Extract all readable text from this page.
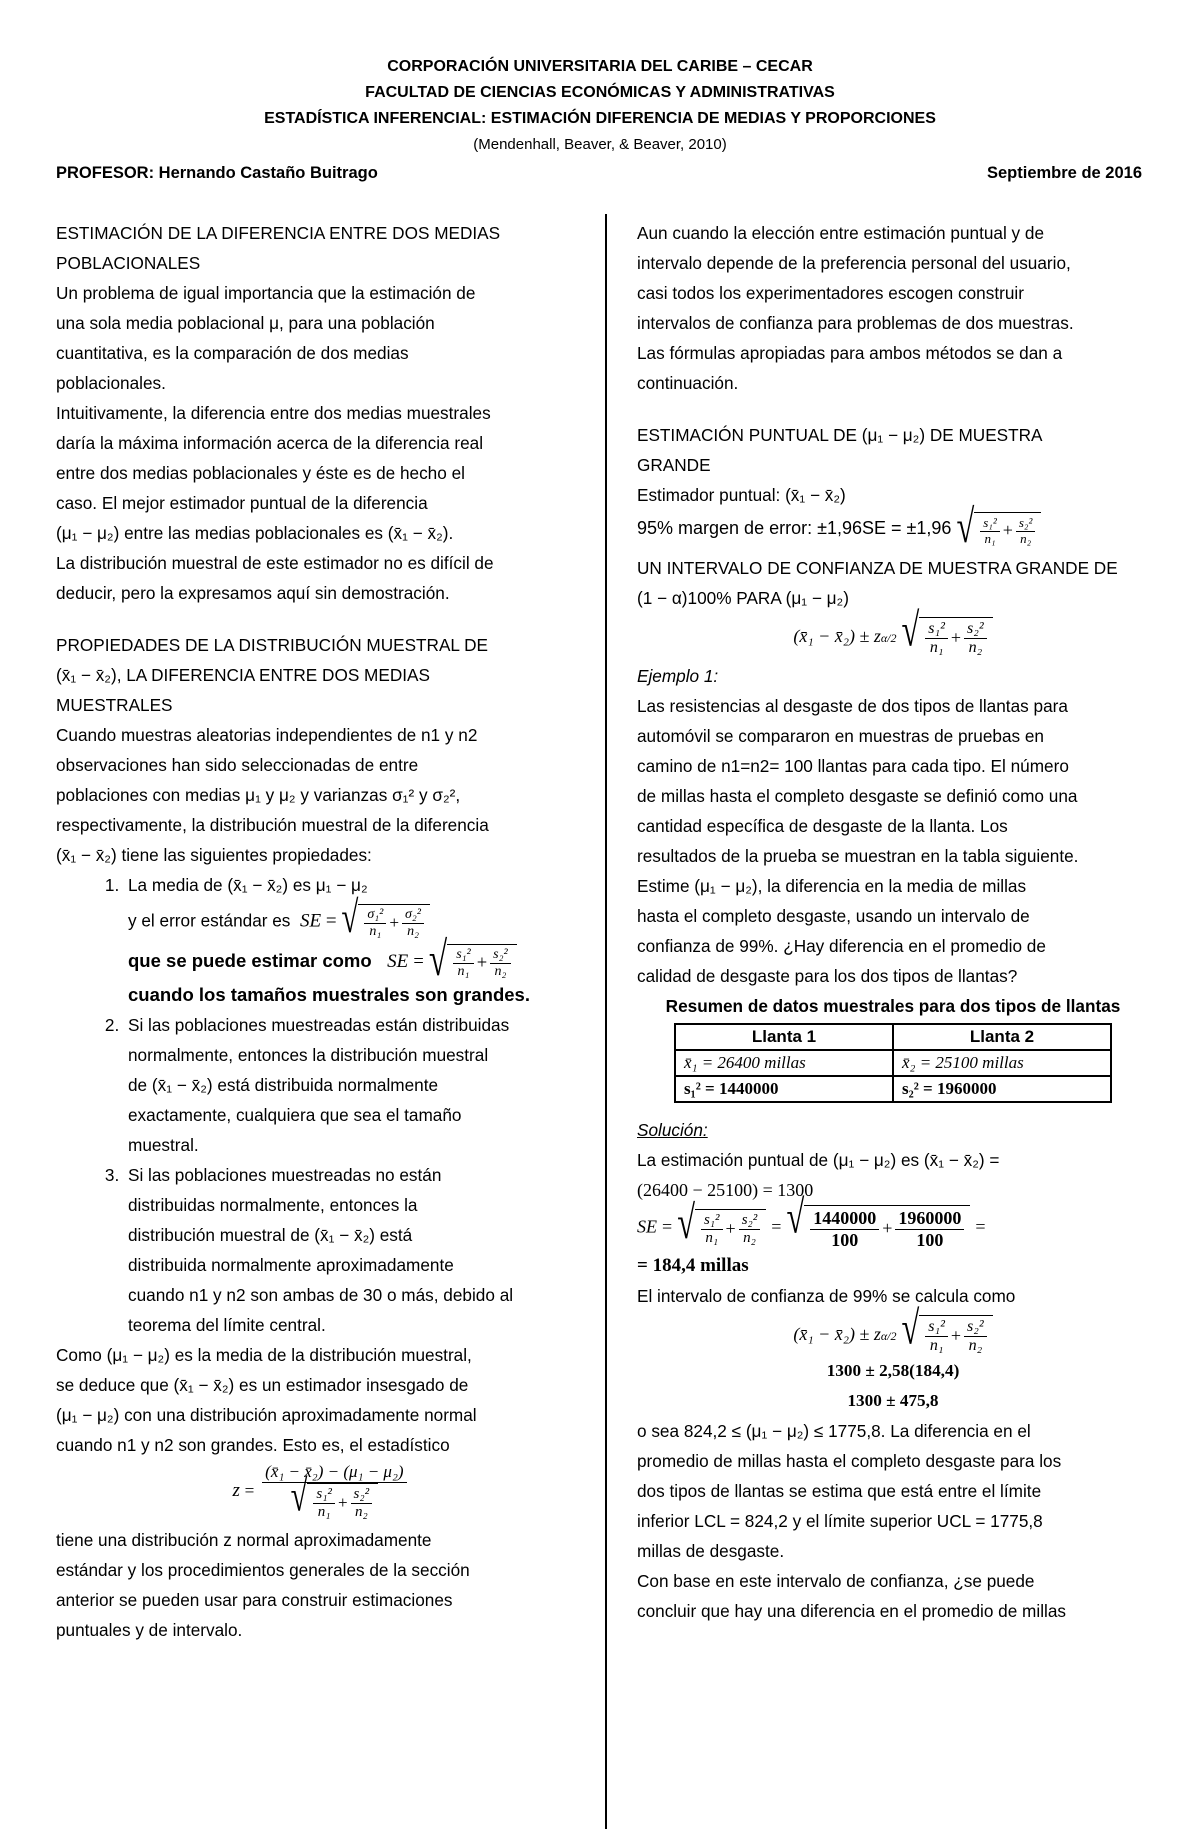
CORPORACIÓN UNIVERSITARIA DEL CARIBE – CECAR
FACULTAD DE CIENCIAS ECONÓMICAS Y ADMINISTRATIVAS
ESTADÍSTICA INFERENCIAL: ESTIMACIÓN DIFERENCIA DE MEDIAS Y PROPORCIONES
(Mendenhall, Beaver, & Beaver, 2010)
PROFESOR: Hernando Castaño Buitrago	Septiembre de 2016

ESTIMACIÓN DE LA DIFERENCIA ENTRE DOS MEDIAS

POBLACIONALES

Un problema de igual importancia que la estimación de

una sola media poblacional μ, para una población

cuantitativa, es la comparación de dos medias

poblacionales.

Intuitivamente, la diferencia entre dos medias muestrales

daría la máxima información acerca de la diferencia real

entre dos medias poblacionales y éste es de hecho el

caso. El mejor estimador puntual de la diferencia

(μ₁ − μ₂) entre las medias poblacionales es (x̄₁ − x̄₂).

La distribución muestral de este estimador no es difícil de

deducir, pero la expresamos aquí sin demostración.

PROPIEDADES DE LA DISTRIBUCIÓN MUESTRAL DE

(x̄₁ − x̄₂), LA DIFERENCIA ENTRE DOS MEDIAS

MUESTRALES

Cuando muestras aleatorias independientes de n1 y n2

observaciones han sido seleccionadas de entre

poblaciones con medias μ₁ y μ₂ y varianzas σ₁² y σ₂²,

respectivamente, la distribución muestral de la diferencia

(x̄₁ − x̄₂) tiene las siguientes propiedades:

1. La media de (x̄₁ − x̄₂) es μ₁ − μ₂
y el error estándar es SE = √ $\frac{\text{σ₁²}}{\text{n₁}} + \frac{\text{σ₂²}}{\text{n₂}}$
que se puede estimar como SE = √ $\frac{\text{s₁²}}{\text{n₁}} + \frac{\text{s₂²}}{\text{n₂}}$
cuando los tamaños muestrales son grandes.
2. Si las poblaciones muestreadas están distribuidas
normalmente, entonces la distribución muestral
de (x̄₁ − x̄₂) está distribuida normalmente
exactamente, cualquiera que sea el tamaño
muestral.
3. Si las poblaciones muestreadas no están
distribuidas normalmente, entonces la
distribución muestral de (x̄₁ − x̄₂) está
distribuida normalmente aproximadamente
cuando n1 y n2 son ambas de 30 o más, debido al
teorema del límite central.

Como (μ₁ − μ₂) es la media de la distribución muestral,

se deduce que (x̄₁ − x̄₂) es un estimador insesgado de

(μ₁ − μ₂) con una distribución aproximadamente normal

cuando n1 y n2 son grandes. Esto es, el estadístico

$z = \frac{\text{(x̄₁ − x̄₂) − (μ₁ − μ₂)}}{√ \frac{\text{s₁²}}{\text{n₁}} + \frac{\text{s₂²}}{\text{n₂}}}$

tiene una distribución z normal aproximadamente

estándar y los procedimientos generales de la sección

anterior se pueden usar para construir estimaciones

puntuales y de intervalo.

Aun cuando la elección entre estimación puntual y de

intervalo depende de la preferencia personal del usuario,

casi todos los experimentadores escogen construir

intervalos de confianza para problemas de dos muestras.

Las fórmulas apropiadas para ambos métodos se dan a

continuación.

ESTIMACIÓN PUNTUAL DE (μ₁ − μ₂) DE MUESTRA

GRANDE

Estimador puntual: (x̄₁ − x̄₂)

95% margen de error: ±1,96SE = ±1,96 √ $\frac{\text{s₁²}}{\text{n₁}} + \frac{\text{s₂²}}{\text{n₂}}$

UN INTERVALO DE CONFIANZA DE MUESTRA GRANDE DE

(1 − α)100% PARA (μ₁ − μ₂)

(x̄₁ − x̄₂) ± zα/2 √ $\frac{\text{s₁²}}{\text{n₁}} + \frac{\text{s₂²}}{\text{n₂}}$

Ejemplo 1:

Las resistencias al desgaste de dos tipos de llantas para

automóvil se compararon en muestras de pruebas en

camino de n1=n2= 100 llantas para cada tipo. El número

de millas hasta el completo desgaste se definió como una

cantidad específica de desgaste de la llanta. Los

resultados de la prueba se muestran en la tabla siguiente.

Estime (μ₁ − μ₂), la diferencia en la media de millas

hasta el completo desgaste, usando un intervalo de

confianza de 99%. ¿Hay diferencia en el promedio de

calidad de desgaste para los dos tipos de llantas?

Resumen de datos muestrales para dos tipos de llantas

Llanta 1	Llanta 2
x̄₁ = 26400 millas	x̄₂ = 25100 millas
s₁² = 1440000	s₂² = 1960000

Solución:

La estimación puntual de (μ₁ − μ₂) es (x̄₁ − x̄₂) =

(26400 − 25100) = 1300

SE = √ $\frac{\text{s₁²}}{\text{n₁}} + \frac{\text{s₂²}}{\text{n₂}}$ = √ $\frac{1440000}{100} + \frac{1960000}{100}$ =

= 184,4 millas

El intervalo de confianza de 99% se calcula como

(x̄₁ − x̄₂) ± zα/2 √ $\frac{\text{s₁²}}{\text{n₁}} + \frac{\text{s₂²}}{\text{n₂}}$

1300 ± 2,58(184,4)

1300 ± 475,8

o sea 824,2 ≤ (μ₁ − μ₂) ≤ 1775,8. La diferencia en el

promedio de millas hasta el completo desgaste para los

dos tipos de llantas se estima que está entre el límite

inferior LCL = 824,2 y el límite superior UCL = 1775,8

millas de desgaste.

Con base en este intervalo de confianza, ¿se puede

concluir que hay una diferencia en el promedio de millas
